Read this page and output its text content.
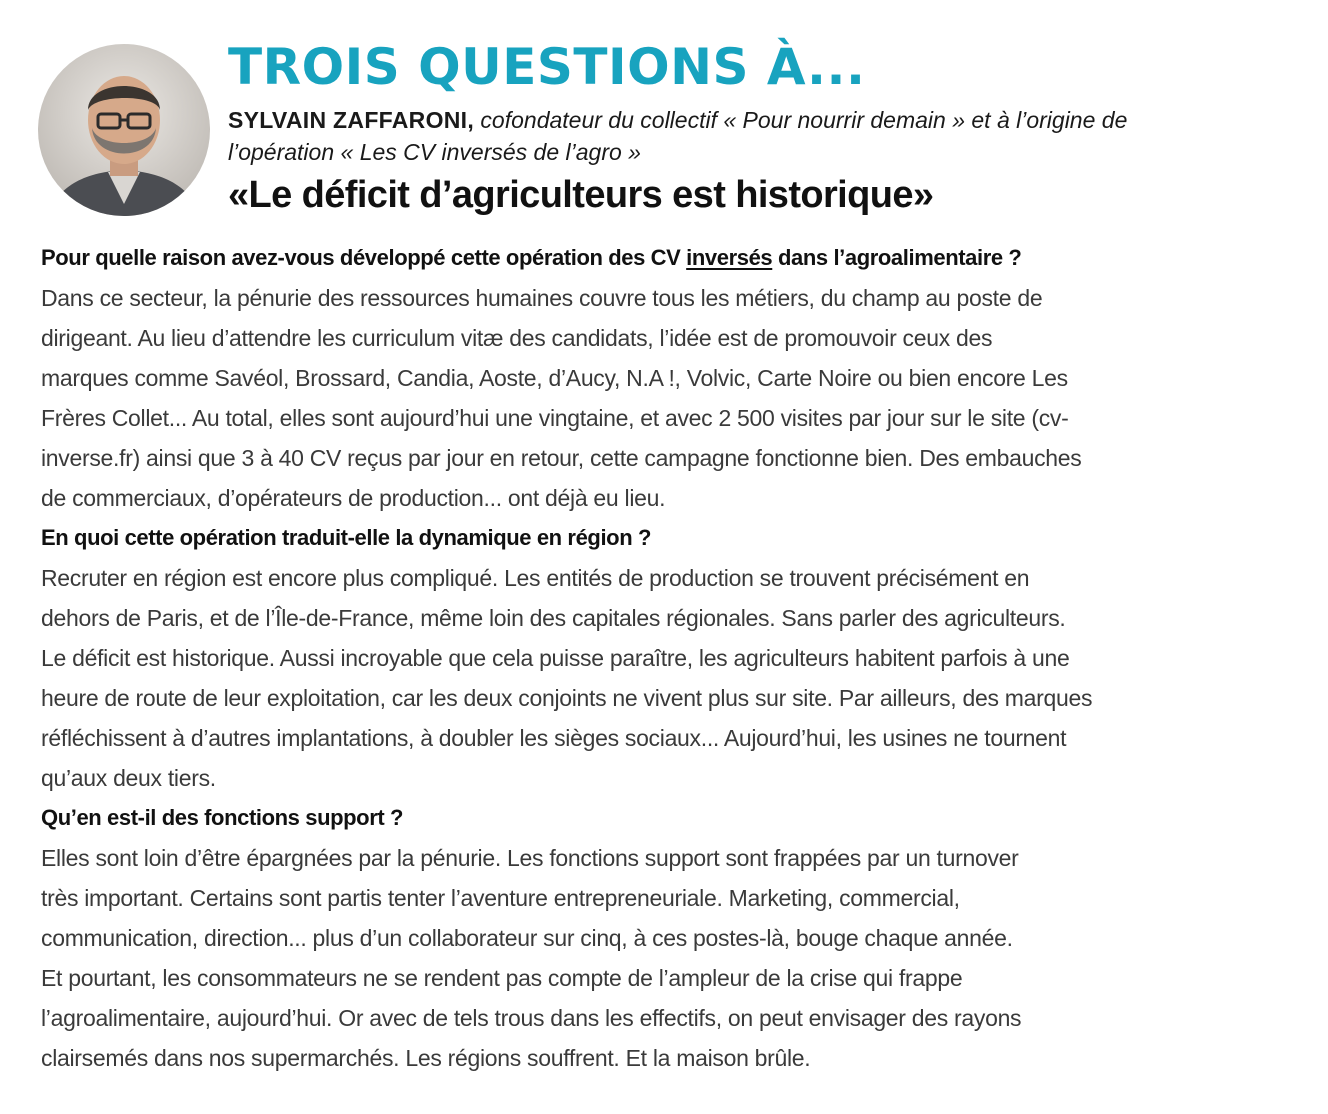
TROIS QUESTIONS À...

SYLVAIN ZAFFARONI, cofondateur du collectif « Pour nourrir demain » et à l’origine de
l’opération « Les CV inversés de l’agro »

«Le déficit d’agriculteurs est historique»

Pour quelle raison avez-vous développé cette opération des CV inversés dans l’agroalimentaire ?

Dans ce secteur, la pénurie des ressources humaines couvre tous les métiers, du champ au poste de
dirigeant. Au lieu d’attendre les curriculum vitæ des candidats, l’idée est de promouvoir ceux des
marques comme Savéol, Brossard, Candia, Aoste, d’Aucy, N.A !, Volvic, Carte Noire ou bien encore Les
Frères Collet... Au total, elles sont aujourd’hui une vingtaine, et avec 2 500 visites par jour sur le site (cv-
inverse.fr) ainsi que 3 à 40 CV reçus par jour en retour, cette campagne fonctionne bien. Des embauches
de commerciaux, d’opérateurs de production... ont déjà eu lieu.

En quoi cette opération traduit-elle la dynamique en région ?

Recruter en région est encore plus compliqué. Les entités de production se trouvent précisément en
dehors de Paris, et de l’Île-de-France, même loin des capitales régionales. Sans parler des agriculteurs.
Le déficit est historique. Aussi incroyable que cela puisse paraître, les agriculteurs habitent parfois à une
heure de route de leur exploitation, car les deux conjoints ne vivent plus sur site. Par ailleurs, des marques
réfléchissent à d’autres implantations, à doubler les sièges sociaux... Aujourd’hui, les usines ne tournent
qu’aux deux tiers.

Qu’en est-il des fonctions support ?

Elles sont loin d’être épargnées par la pénurie. Les fonctions support sont frappées par un turnover
très important. Certains sont partis tenter l’aventure entrepreneuriale. Marketing, commercial,
communication, direction... plus d’un collaborateur sur cinq, à ces postes-là, bouge chaque année.
Et pourtant, les consommateurs ne se rendent pas compte de l’ampleur de la crise qui frappe
l’agroalimentaire, aujourd’hui. Or avec de tels trous dans les effectifs, on peut envisager des rayons
clairsemés dans nos supermarchés. Les régions souffrent. Et la maison brûle.
